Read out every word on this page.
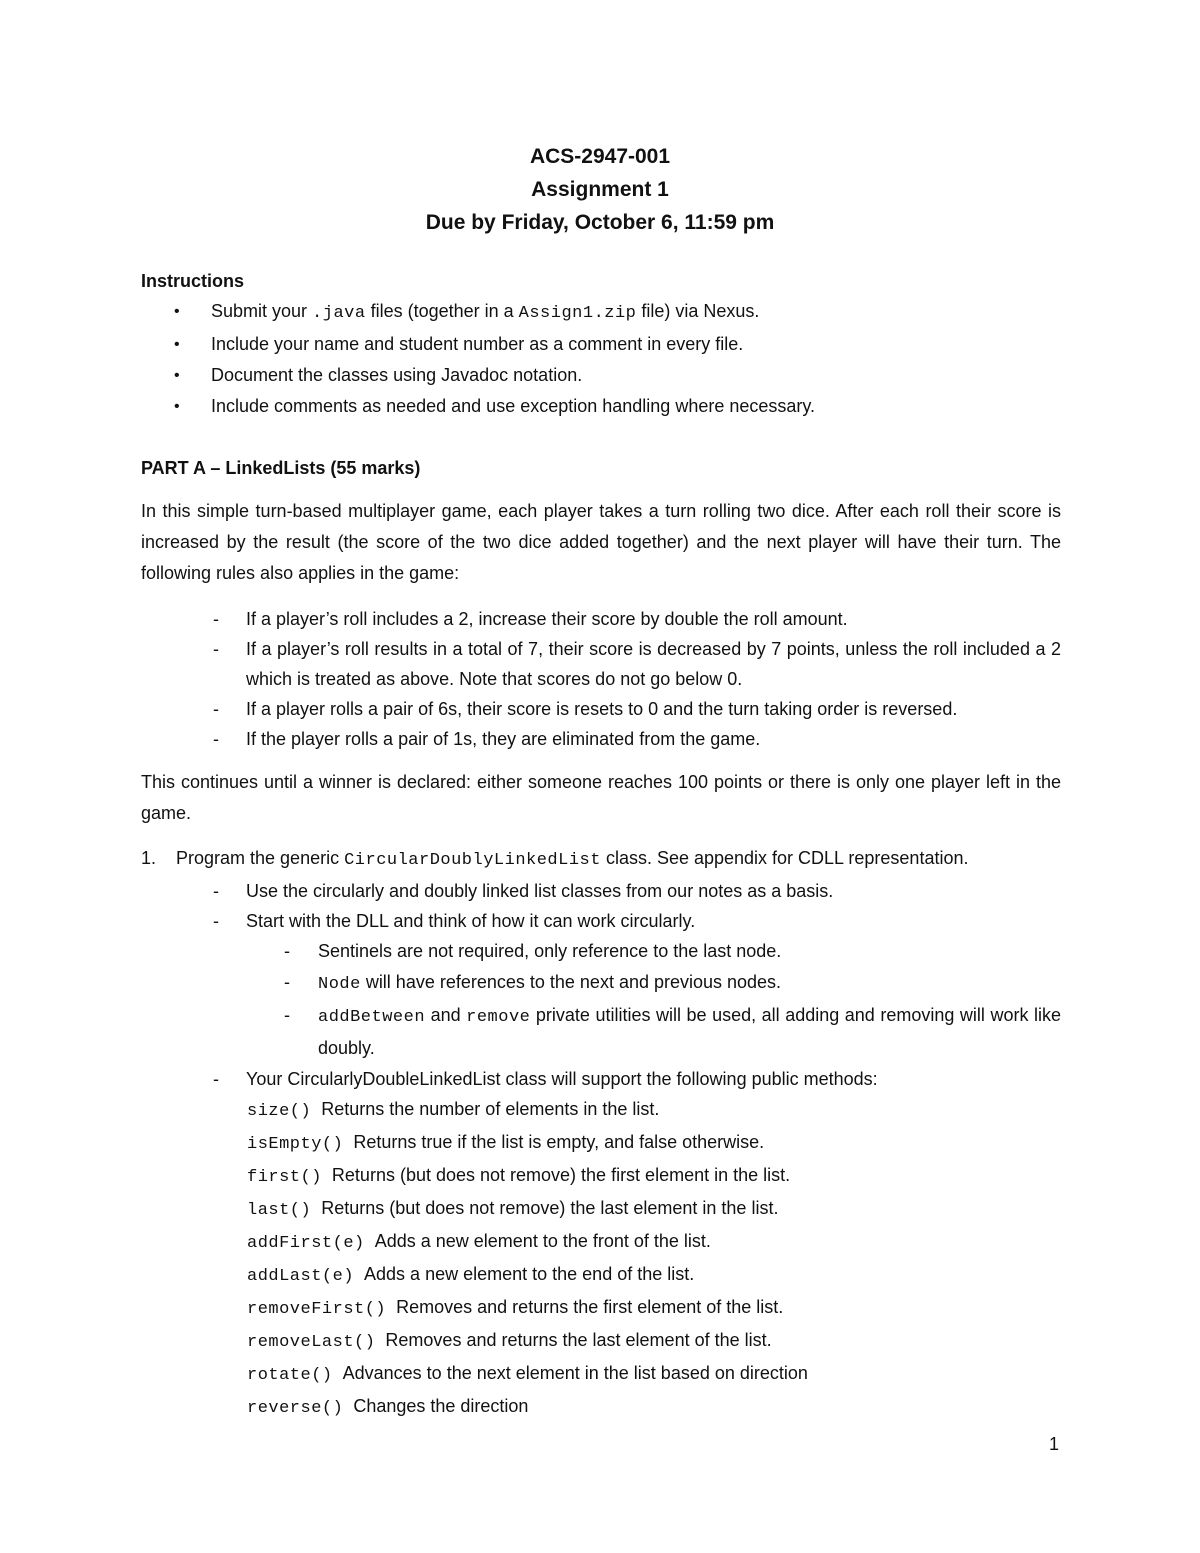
ACS-2947-001
Assignment 1
Due by Friday, October 6, 11:59 pm
Instructions
• Submit your .java files (together in a Assign1.zip file) via Nexus.
• Include your name and student number as a comment in every file.
• Document the classes using Javadoc notation.
• Include comments as needed and use exception handling where necessary.
PART A – LinkedLists (55 marks)

In this simple turn-based multiplayer game, each player takes a turn rolling two dice. After each roll their score is increased by the result (the score of the two dice added together) and the next player will have their turn. The following rules also applies in the game:

- If a player’s roll includes a 2, increase their score by double the roll amount.
- If a player’s roll results in a total of 7, their score is decreased by 7 points, unless the roll included a 2 which is treated as above. Note that scores do not go below 0.
- If a player rolls a pair of 6s, their score is resets to 0 and the turn taking order is reversed.
- If the player rolls a pair of 1s, they are eliminated from the game.

This continues until a winner is declared: either someone reaches 100 points or there is only one player left in the game.

1. Program the generic CircularDoublyLinkedList class. See appendix for CDLL representation.
- Use the circularly and doubly linked list classes from our notes as a basis.
- Start with the DLL and think of how it can work circularly.
- Sentinels are not required, only reference to the last node.
- Node will have references to the next and previous nodes.
- addBetween and remove private utilities will be used, all adding and removing will work like doubly.
- Your CircularlyDoubleLinkedList class will support the following public methods:
size() Returns the number of elements in the list.
isEmpty() Returns true if the list is empty, and false otherwise.
first() Returns (but does not remove) the first element in the list.
last() Returns (but does not remove) the last element in the list.
addFirst(e) Adds a new element to the front of the list.
addLast(e) Adds a new element to the end of the list.
removeFirst() Removes and returns the first element of the list.
removeLast() Removes and returns the last element of the list.
rotate() Advances to the next element in the list based on direction
reverse() Changes the direction
1
